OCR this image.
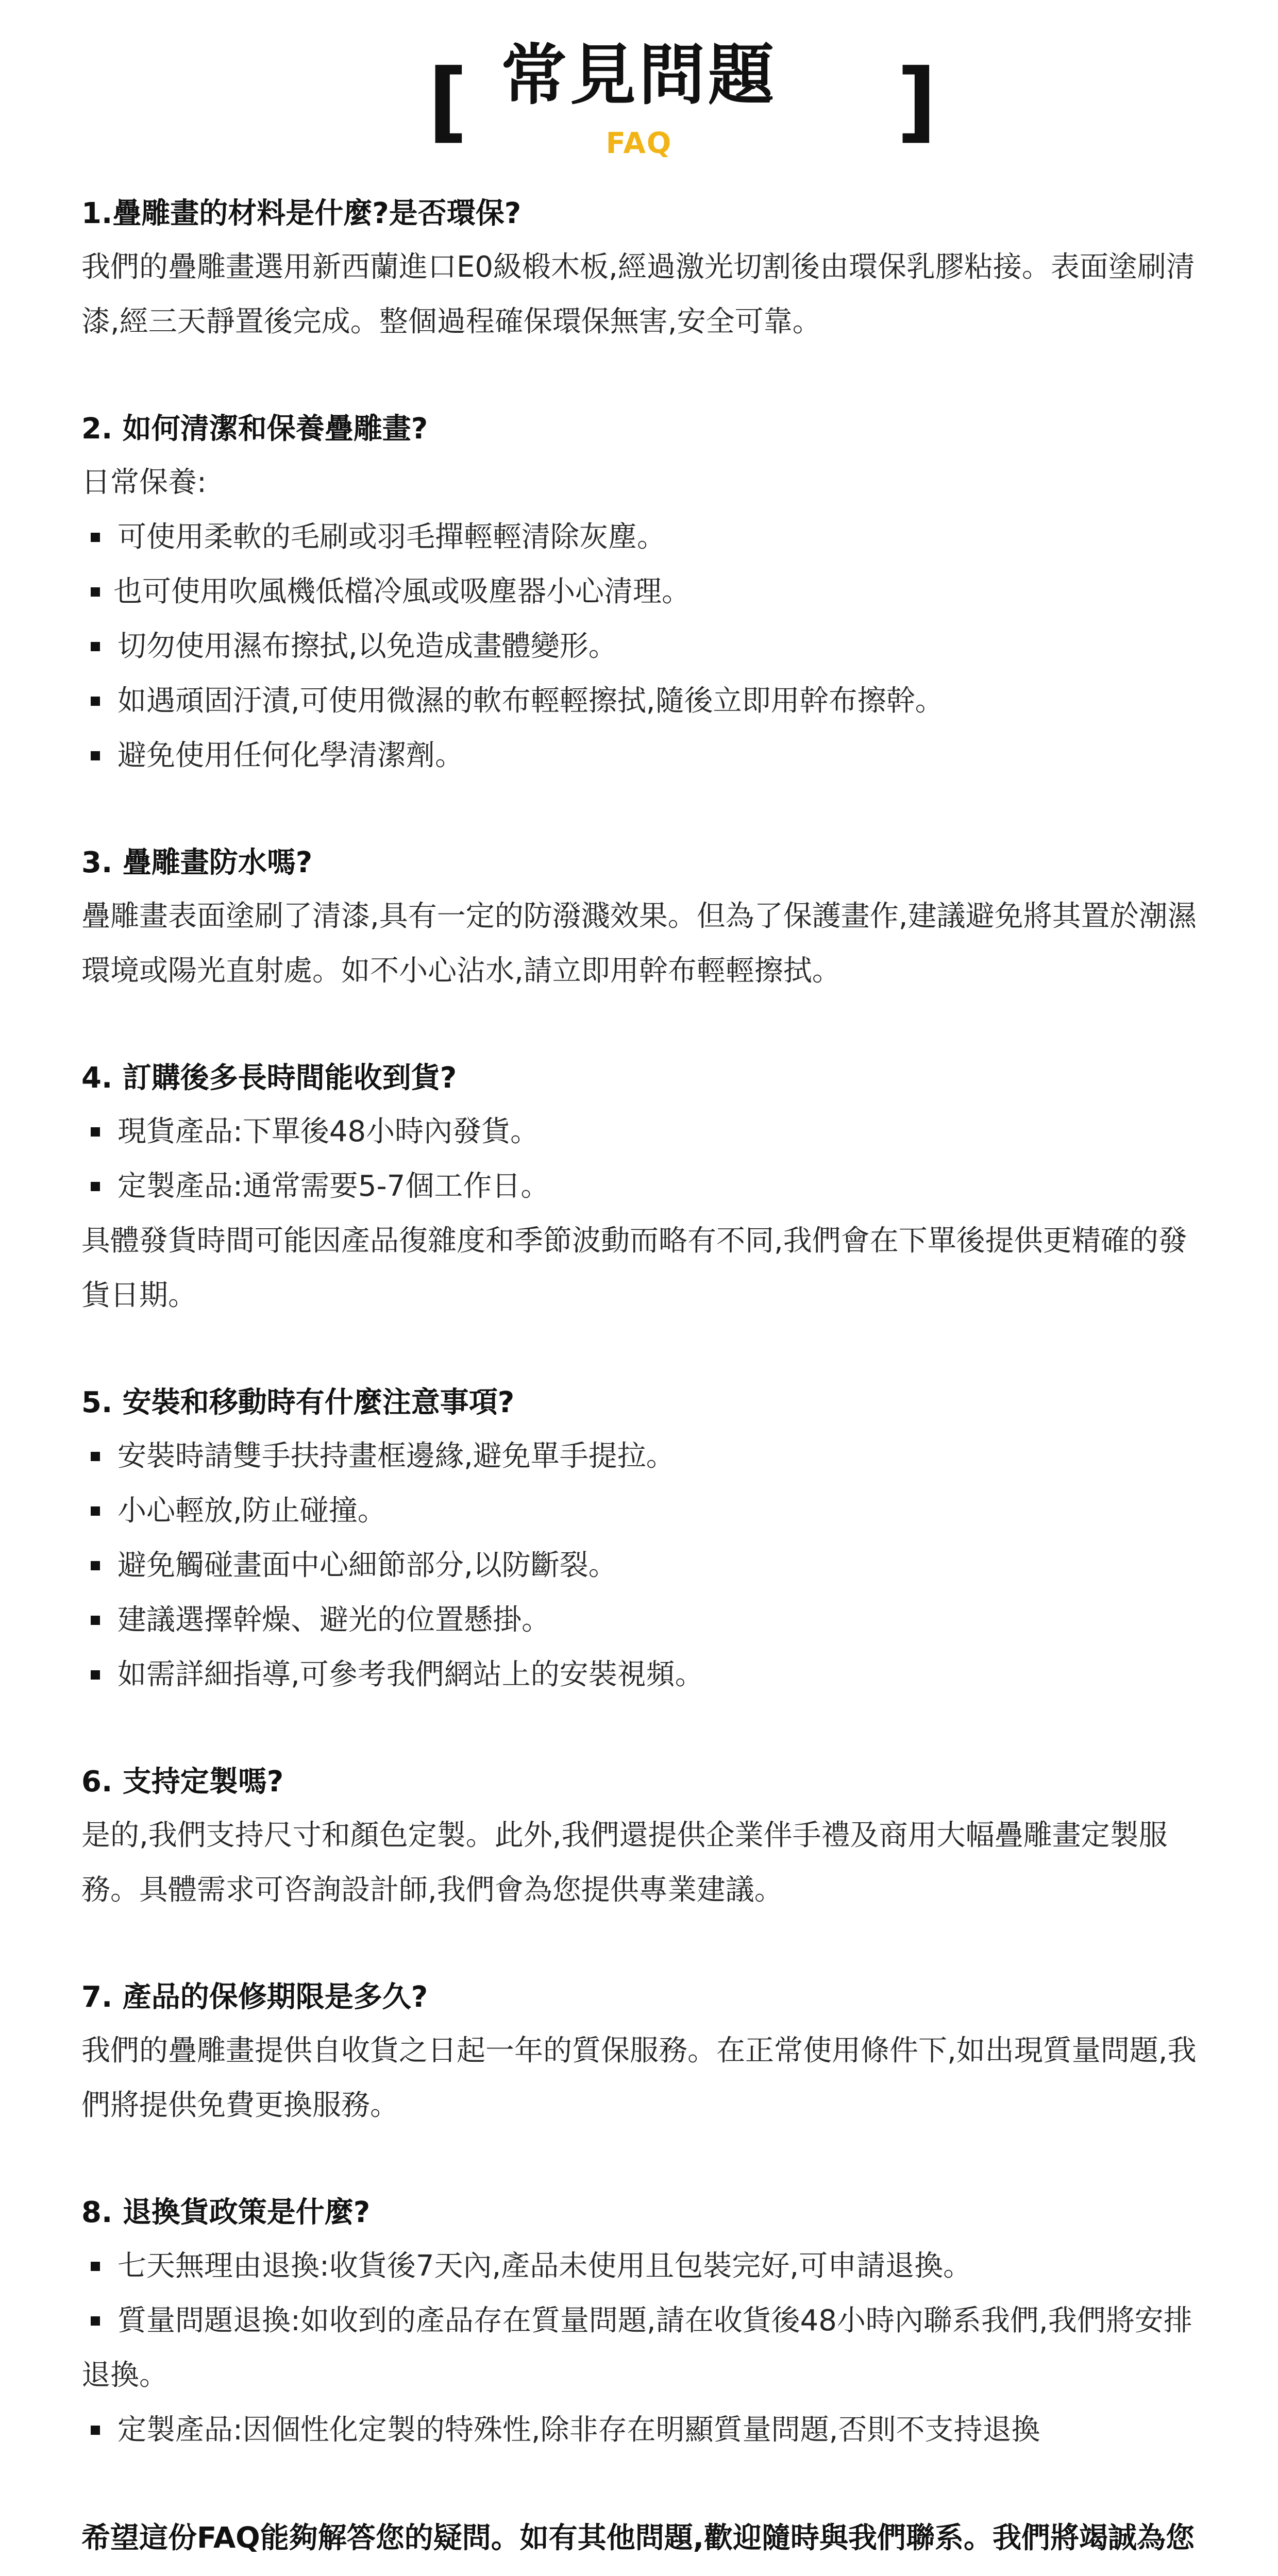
[ 常見問題	]
FAQ
1.疊雕畫的材料是什麼?是否環保?
我們的疊雕畫選用新西蘭進口E0級椴木板,經過激光切割後由環保乳膠粘接。表面塗刷清漆,經三天靜置後完成。整個過程確保環保無害,安全可靠。
2. 如何清潔和保養疊雕畫?
日常保養:
可使用柔軟的毛刷或羽毛撣輕輕清除灰塵。
也可使用吹風機低檔冷風或吸塵器小心清理。
切勿使用濕布擦拭,以免造成畫體變形。
如遇頑固汙漬,可使用微濕的軟布輕輕擦拭,隨後立即用幹布擦幹。
避免使用任何化學清潔劑。
3. 疊雕畫防水嗎?
疊雕畫表面塗刷了清漆,具有一定的防潑濺效果。但為了保護畫作,建議避免將其置於潮濕環境或陽光直射處。如不小心沾水,請立即用幹布輕輕擦拭。
4. 訂購後多長時間能收到貨?
現貨產品:下單後48小時內發貨。
定製產品:通常需要5-7個工作日。
具體發貨時間可能因產品復雜度和季節波動而略有不同,我們會在下單後提供更精確的發貨日期。
5. 安裝和移動時有什麼注意事項?
安裝時請雙手扶持畫框邊緣,避免單手提拉。
小心輕放,防止碰撞。
避免觸碰畫面中心細節部分,以防斷裂。
建議選擇幹燥、避光的位置懸掛。
如需詳細指導,可參考我們網站上的安裝視頻。
6. 支持定製嗎?
是的,我們支持尺寸和顏色定製。此外,我們還提供企業伴手禮及商用大幅疊雕畫定製服務。具體需求可咨詢設計師,我們會為您提供專業建議。
7. 產品的保修期限是多久?
我們的疊雕畫提供自收貨之日起一年的質保服務。在正常使用條件下,如出現質量問題,我們將提供免費更換服務。
8. 退換貨政策是什麼?
七天無理由退換:收貨後7天內,產品未使用且包裝完好,可申請退換。
質量問題退換:如收到的產品存在質量問題,請在收貨後48小時內聯系我們,我們將安排退換。
定製產品:因個性化定製的特殊性,除非存在明顯質量問題,否則不支持退換
希望這份FAQ能夠解答您的疑問。如有其他問題,歡迎隨時與我們聯系。我們將竭誠為您
